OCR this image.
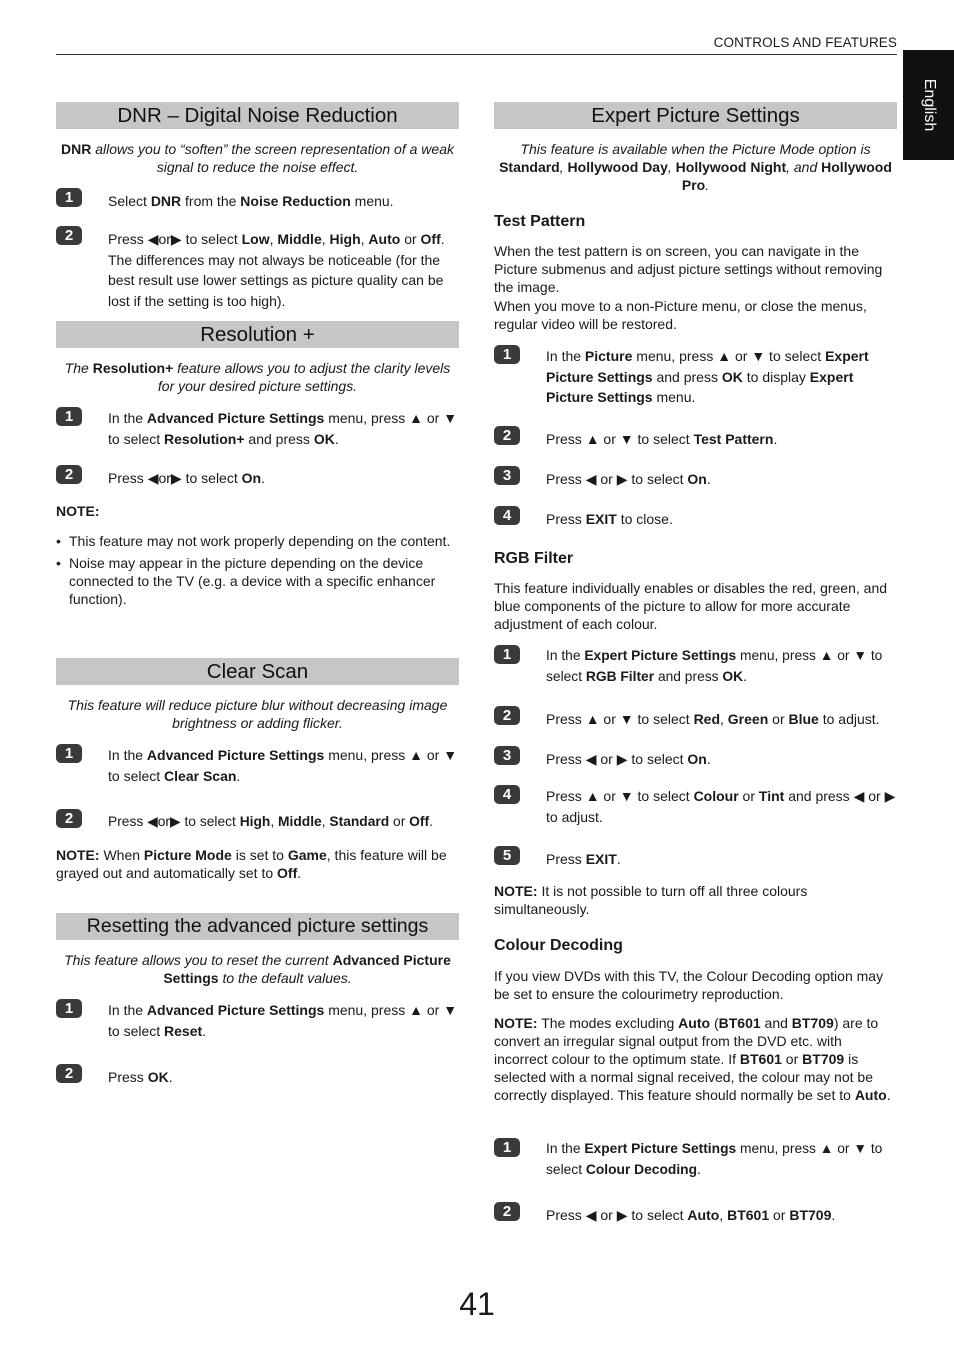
CONTROLS AND FEATURES
English
DNR – Digital Noise Reduction
DNR allows you to “soften” the screen representation of a weak signal to reduce the noise effect.
1	Select DNR from the Noise Reduction menu.
2	Press ◀or▶ to select Low, Middle, High, Auto or Off. The differences may not always be noticeable (for the best result use lower settings as picture quality can be lost if the setting is too high).
Resolution +
The Resolution+ feature allows you to adjust the clarity levels for your desired picture settings.
1	In the Advanced Picture Settings menu, press ▲ or ▼ to select Resolution+ and press OK.
2	Press ◀or▶ to select On.
NOTE:
• This feature may not work properly depending on the content.
• Noise may appear in the picture depending on the device connected to the TV (e.g. a device with a specific enhancer function).
Clear Scan
This feature will reduce picture blur without decreasing image brightness or adding flicker.
1	In the Advanced Picture Settings menu, press ▲ or ▼ to select Clear Scan.
2	Press ◀or▶ to select High, Middle, Standard or Off.
NOTE: When Picture Mode is set to Game, this feature will be grayed out and automatically set to Off.
Resetting the advanced picture settings
This feature allows you to reset the current Advanced Picture Settings to the default values.
1	In the Advanced Picture Settings menu, press ▲ or ▼ to select Reset.
2	Press OK.
Expert Picture Settings
This feature is available when the Picture Mode option is Standard, Hollywood Day, Hollywood Night, and Hollywood Pro.
Test Pattern
When the test pattern is on screen, you can navigate in the Picture submenus and adjust picture settings without removing the image.
When you move to a non-Picture menu, or close the menus, regular video will be restored.
1	In the Picture menu, press ▲ or ▼ to select Expert Picture Settings and press OK to display Expert Picture Settings menu.
2	Press ▲ or ▼ to select Test Pattern.
3	Press ◀ or ▶ to select On.
4	Press EXIT to close.
RGB Filter
This feature individually enables or disables the red, green, and blue components of the picture to allow for more accurate adjustment of each colour.
1	In the Expert Picture Settings menu, press ▲ or ▼ to select RGB Filter and press OK.
2	Press ▲ or ▼ to select Red, Green or Blue to adjust.
3	Press ◀ or ▶ to select On.
4	Press ▲ or ▼ to select Colour or Tint and press ◀ or ▶ to adjust.
5	Press EXIT.
NOTE: It is not possible to turn off all three colours simultaneously.
Colour Decoding
If you view DVDs with this TV, the Colour Decoding option may be set to ensure the colourimetry reproduction.
NOTE: The modes excluding Auto (BT601 and BT709) are to convert an irregular signal output from the DVD etc. with incorrect colour to the optimum state. If BT601 or BT709 is selected with a normal signal received, the colour may not be correctly displayed. This feature should normally be set to Auto.
1	In the Expert Picture Settings menu, press ▲ or ▼ to select Colour Decoding.
2	Press ◀ or ▶ to select Auto, BT601 or BT709.
41
